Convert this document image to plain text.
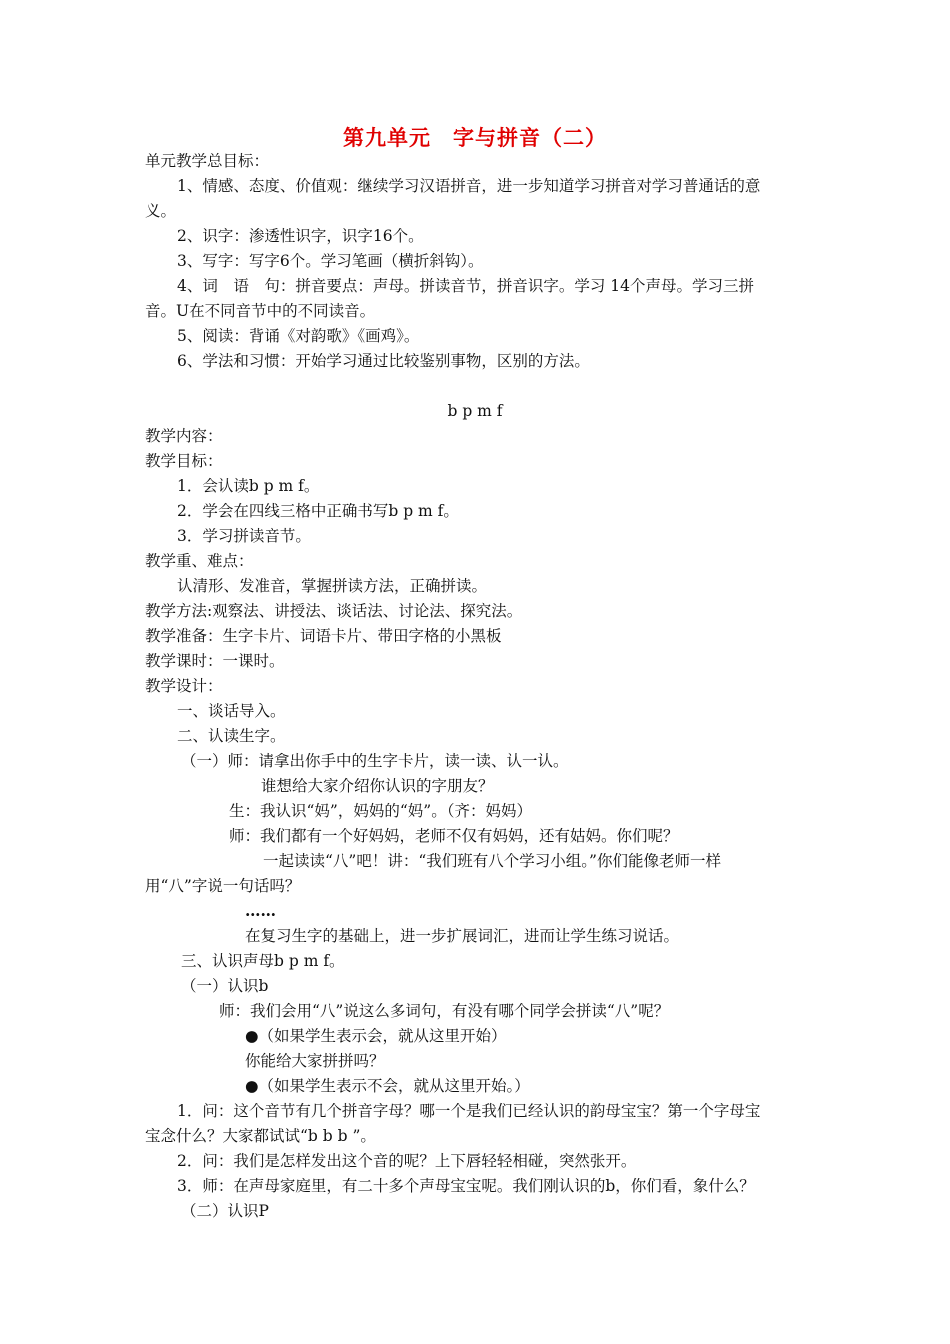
第九单元　字与拼音（二）
单元教学总目标：
1、情感、态度、价值观：继续学习汉语拼音，进一步知道学习拼音对学习普通话的意
义。
2、识字：渗透性识字，识字16个。
3、写字：写字6个。学习笔画（横折斜钩）。
4、词　语　句：拼音要点：声母。拼读音节，拼音识字。学习 14个声母。学习三拼
音。U在不同音节中的不同读音。
5、阅读：背诵《对韵歌》《画鸡》。
6、学法和习惯：开始学习通过比较鉴别事物，区别的方法。
b p m f
教学内容：
教学目标：
1．会认读b p m f。
2．学会在四线三格中正确书写b p m f。
3．学习拼读音节。
教学重、难点：
认清形、发准音，掌握拼读方法，正确拼读。
教学方法:观察法、讲授法、谈话法、讨论法、探究法。
教学准备：生字卡片、词语卡片、带田字格的小黑板
教学课时：一课时。
教学设计：
一、谈话导入。
二、认读生字。
（一）师：请拿出你手中的生字卡片，读一读、认一认。
谁想给大家介绍你认识的字朋友？
生：我认识“妈”，妈妈的“妈”。（齐：妈妈）
师：我们都有一个好妈妈，老师不仅有妈妈，还有姑妈。你们呢？
一起读读“八”吧！讲：“我们班有八个学习小组。”你们能像老师一样
用“八”字说一句话吗？
……
在复习生字的基础上，进一步扩展词汇，进而让学生练习说话。
三、认识声母b p m f。
（一）认识b
师：我们会用“八”说这么多词句，有没有哪个同学会拼读“八”呢？
●（如果学生表示会，就从这里开始）
你能给大家拼拼吗？
●（如果学生表示不会，就从这里开始。）
1．问：这个音节有几个拼音字母？哪一个是我们已经认识的韵母宝宝？第一个字母宝
宝念什么？大家都试试“b b b ”。
2．问：我们是怎样发出这个音的呢？上下唇轻轻相碰，突然张开。
3．师：在声母家庭里，有二十多个声母宝宝呢。我们刚认识的b，你们看，象什么？
（二）认识P
